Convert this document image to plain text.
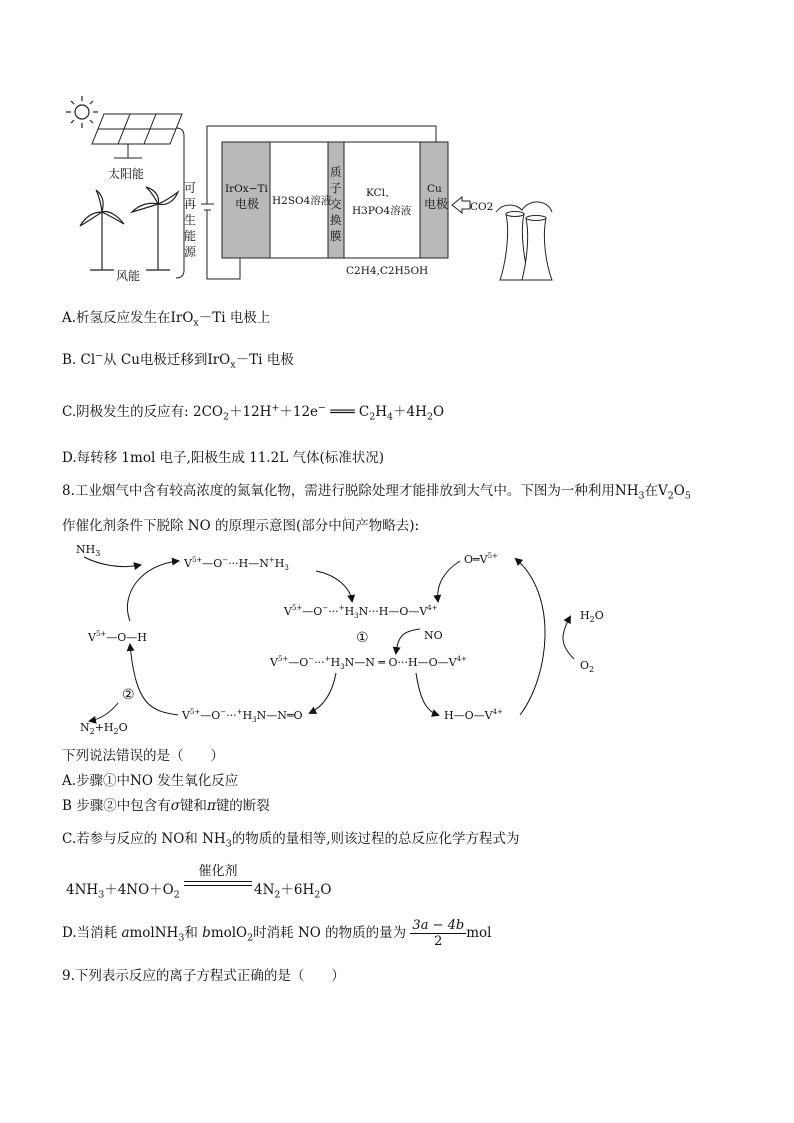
太阳能
风能
可
再
生
能
源
IrOx−Ti
电极 H2SO4溶液
质
子
交
换
膜
KCl、
H3PO4溶液
Cu
电极
C2H4,C2H5OH
CO2
A.析氢反应发生在IrO$_x$－Ti 电极上
B. Cl−从 Cu电极迁移到IrO$_x$－Ti 电极
C.阴极发生的反应有: $2CO_2+12H^++12e^-$ ═══ $C_2H_4+4H_2O$
D.每转移 1mol 电子,阳极生成 11.2L 气体(标准状况)
8.工业烟气中含有较高浓度的氮氧化物，需进行脱除处理才能排放到大气中。下图为一种利用$NH_3$在$V_2O_5$
作催化剂条件下脱除 NO 的原理示意图(部分中间产物略去):
$NH_3$
$V^{5+}—O^-\cdot\cdot\cdot H—N^+H_3$
$V^{5+}—O^-\cdot\cdot\cdot^+H_3N\cdot\cdot\cdot H—O—V^{4+}$
①	NO
$V^{5+}—O^-\cdot\cdot\cdot^+H_3N—N$ ═ $O\cdot\cdot\cdot H—O—V^{4+}$
$V^{5+}—O^-\cdot\cdot\cdot^+H_3N—N═O$
$V^{5+}—O—H$
②
$N_2+H_2O$
$O═V^{5+}$
$H—O—V^{4+}$
$H_2O$
$O_2$
下列说法错误的是（　　）
A.步骤①中NO 发生氧化反应
B 步骤②中包含有σ键和π键的断裂
C.若参与反应的 NO和 $NH_3$的物质的量相等,则该过程的总反应化学方程式为
$4NH_3+4NO+O_2$
催化剂
$4N_2+6H_2O$
D.当消耗 amolNH$_3$和 bmolO$_2$时消耗 NO 的物质的量为 $\frac{3a - 4b}{2}$ mol
9.下列表示反应的离子方程式正确的是（　　）
